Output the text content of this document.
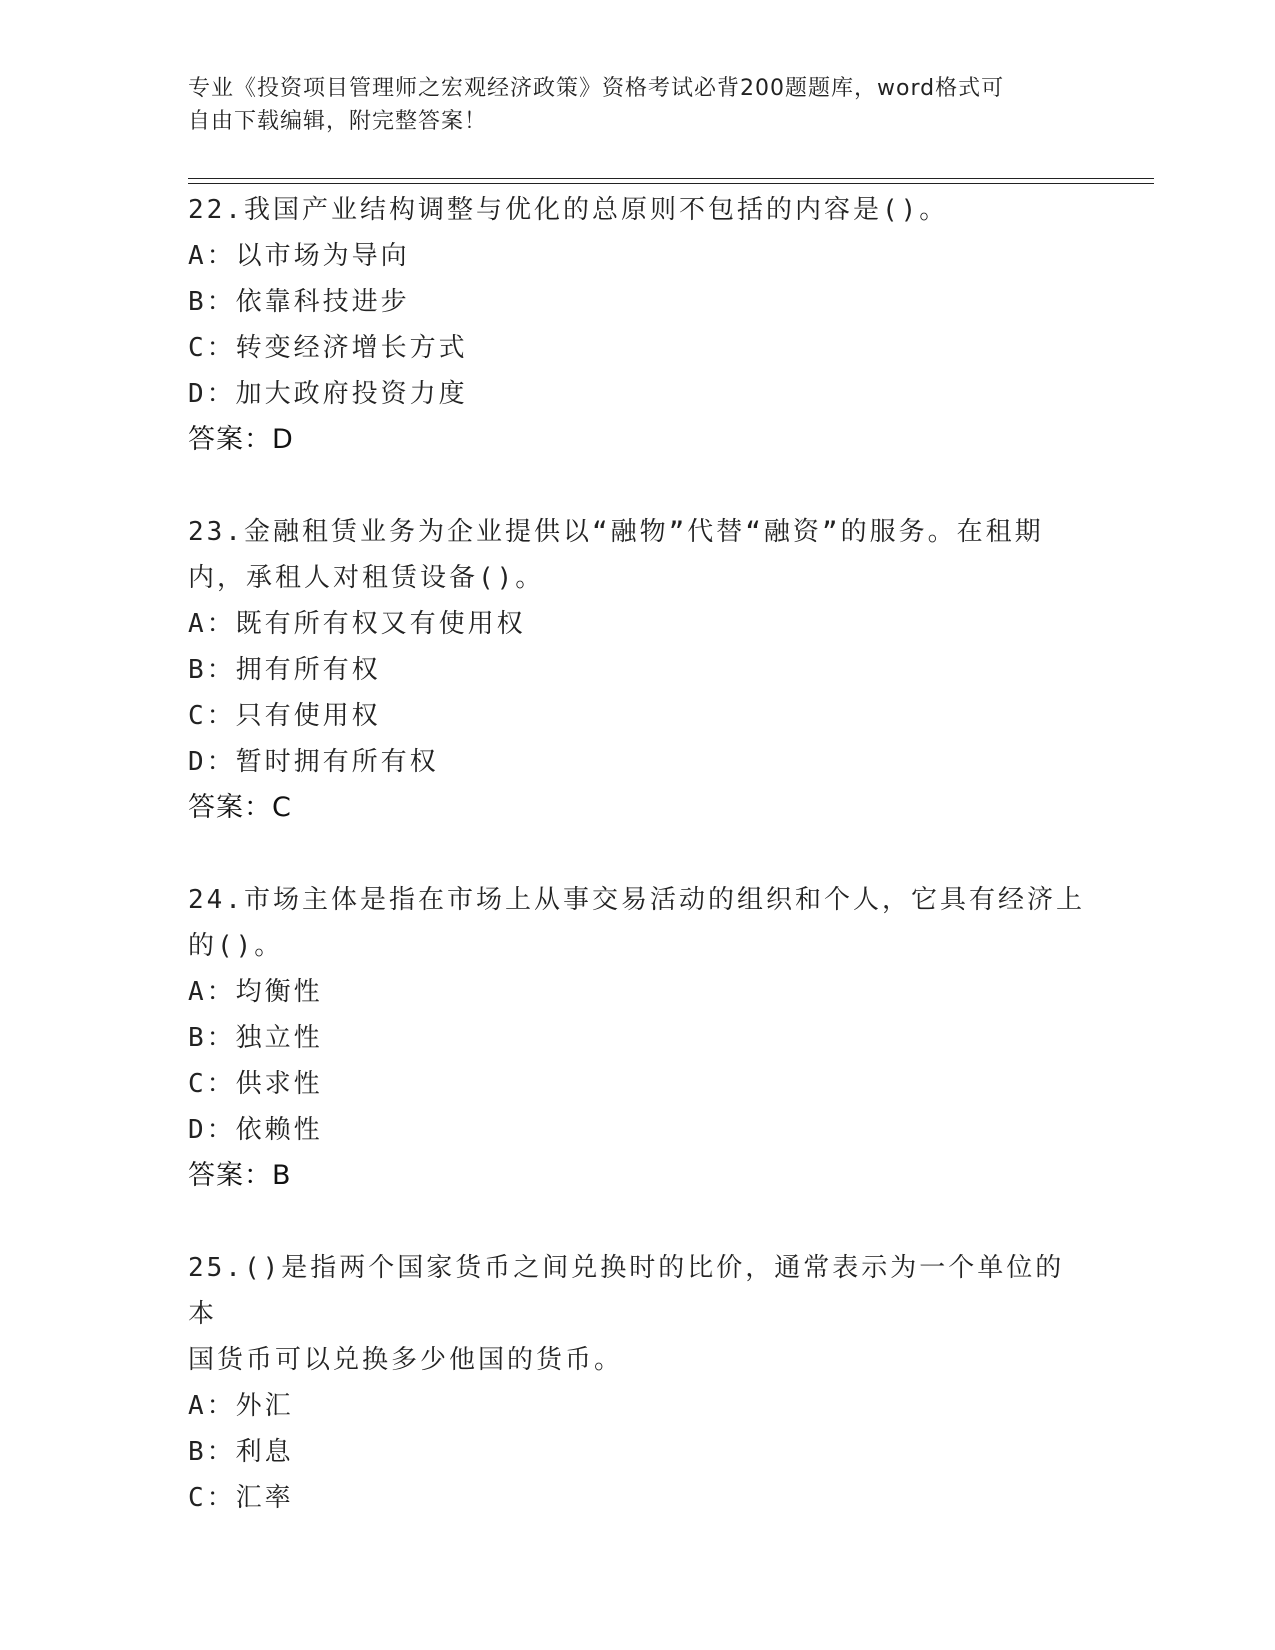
专业《投资项目管理师之宏观经济政策》资格考试必背200题题库，word格式可
自由下载编辑，附完整答案！
22.我国产业结构调整与优化的总原则不包括的内容是()。
A：以市场为导向
B：依靠科技进步
C：转变经济增长方式
D：加大政府投资力度
答案：D
23.金融租赁业务为企业提供以“融物”代替“融资”的服务。在租期
内，承租人对租赁设备()。
A：既有所有权又有使用权
B：拥有所有权
C：只有使用权
D：暂时拥有所有权
答案：C
24.市场主体是指在市场上从事交易活动的组织和个人，它具有经济上
的()。
A：均衡性
B：独立性
C：供求性
D：依赖性
答案：B
25.()是指两个国家货币之间兑换时的比价，通常表示为一个单位的本
国货币可以兑换多少他国的货币。
A：外汇
B：利息
C：汇率
